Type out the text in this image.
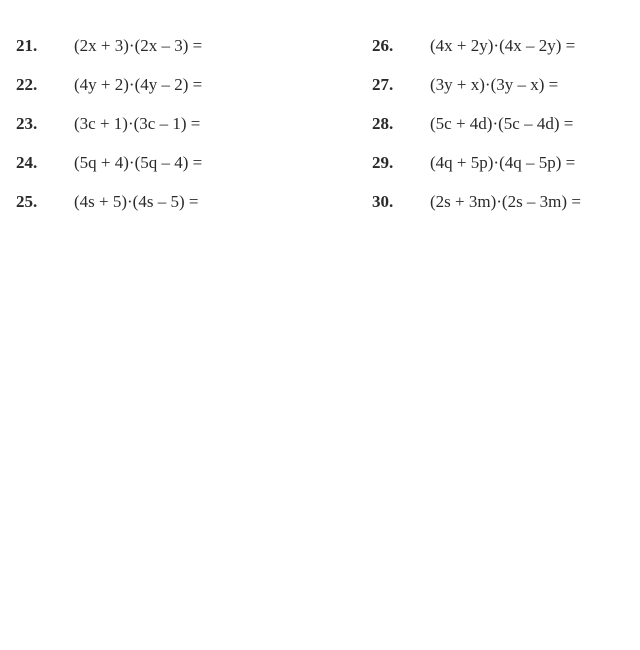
21. (2x + 3)·(2x – 3) =
22. (4y + 2)·(4y – 2) =
23. (3c + 1)·(3c – 1) =
24. (5q + 4)·(5q – 4) =
25. (4s + 5)·(4s – 5) =
26. (4x + 2y)·(4x – 2y) =
27. (3y + x)·(3y – x) =
28. (5c + 4d)·(5c – 4d) =
29. (4q + 5p)·(4q – 5p) =
30. (2s + 3m)·(2s – 3m) =
